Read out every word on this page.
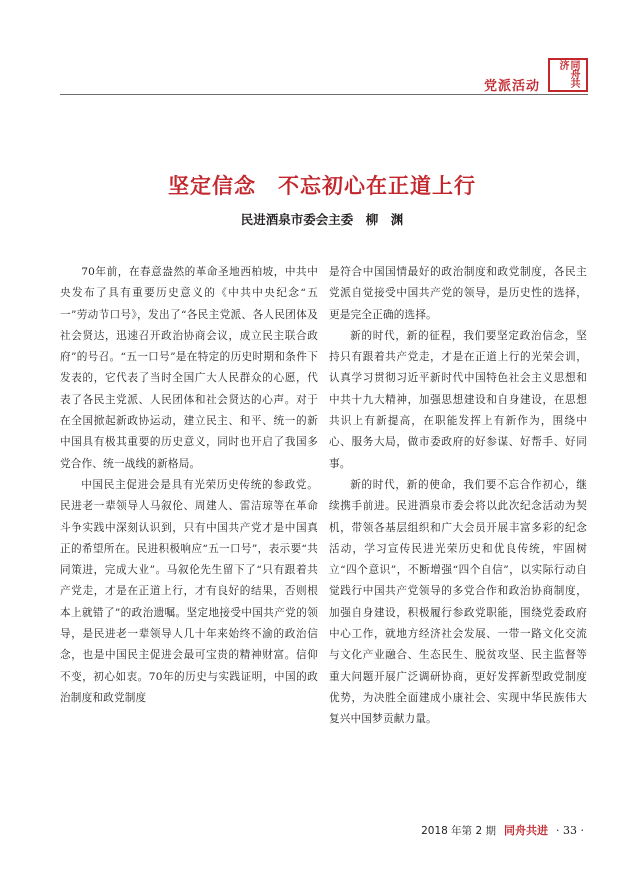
党派活动	同舟共济
坚定信念　不忘初心在正道上行
民进酒泉市委会主委　柳　渊

70年前，在春意盎然的革命圣地西柏坡，中共中央发布了具有重要历史意义的《中共中央纪念“五一”劳动节口号》，发出了“各民主党派、各人民团体及社会贤达，迅速召开政治协商会议，成立民主联合政府”的号召。“五一口号”是在特定的历史时期和条件下发表的，它代表了当时全国广大人民群众的心愿，代表了各民主党派、人民团体和社会贤达的心声。对于在全国掀起新政协运动，建立民主、和平、统一的新中国具有极其重要的历史意义，同时也开启了我国多党合作、统一战线的新格局。

中国民主促进会是具有光荣历史传统的参政党。民进老一辈领导人马叙伦、周建人、雷洁琼等在革命斗争实践中深刻认识到，只有中国共产党才是中国真正的希望所在。民进积极响应“五一口号”，表示要“共同策进，完成大业”。马叙伦先生留下了“只有跟着共产党走，才是在正道上行，才有良好的结果，否则根本上就错了”的政治遗嘱。坚定地接受中国共产党的领导，是民进老一辈领导人几十年来始终不渝的政治信念，也是中国民主促进会最可宝贵的精神财富。信仰不变，初心如衷。70年的历史与实践证明，中国的政治制度和政党制度

是符合中国国情最好的政治制度和政党制度，各民主党派自觉接受中国共产党的领导，是历史性的选择，更是完全正确的选择。

新的时代，新的征程，我们要坚定政治信念，坚持只有跟着共产党走，才是在正道上行的光荣会训，认真学习贯彻习近平新时代中国特色社会主义思想和中共十九大精神，加强思想建设和自身建设，在思想共识上有新提高，在职能发挥上有新作为，围绕中心、服务大局，做市委政府的好参谋、好帮手、好同事。

新的时代，新的使命，我们要不忘合作初心，继续携手前进。民进酒泉市委会将以此次纪念活动为契机，带领各基层组织和广大会员开展丰富多彩的纪念活动，学习宣传民进光荣历史和优良传统，牢固树立“四个意识”，不断增强“四个自信”，以实际行动自觉践行中国共产党领导的多党合作和政治协商制度，加强自身建设，积极履行参政党职能，围绕党委政府中心工作，就地方经济社会发展、一带一路文化交流与文化产业融合、生态民生、脱贫攻坚、民主监督等重大问题开展广泛调研协商，更好发挥新型政党制度优势，为决胜全面建成小康社会、实现中华民族伟大复兴中国梦贡献力量。

2018 年第 2 期 同舟共进 · 33 ·
